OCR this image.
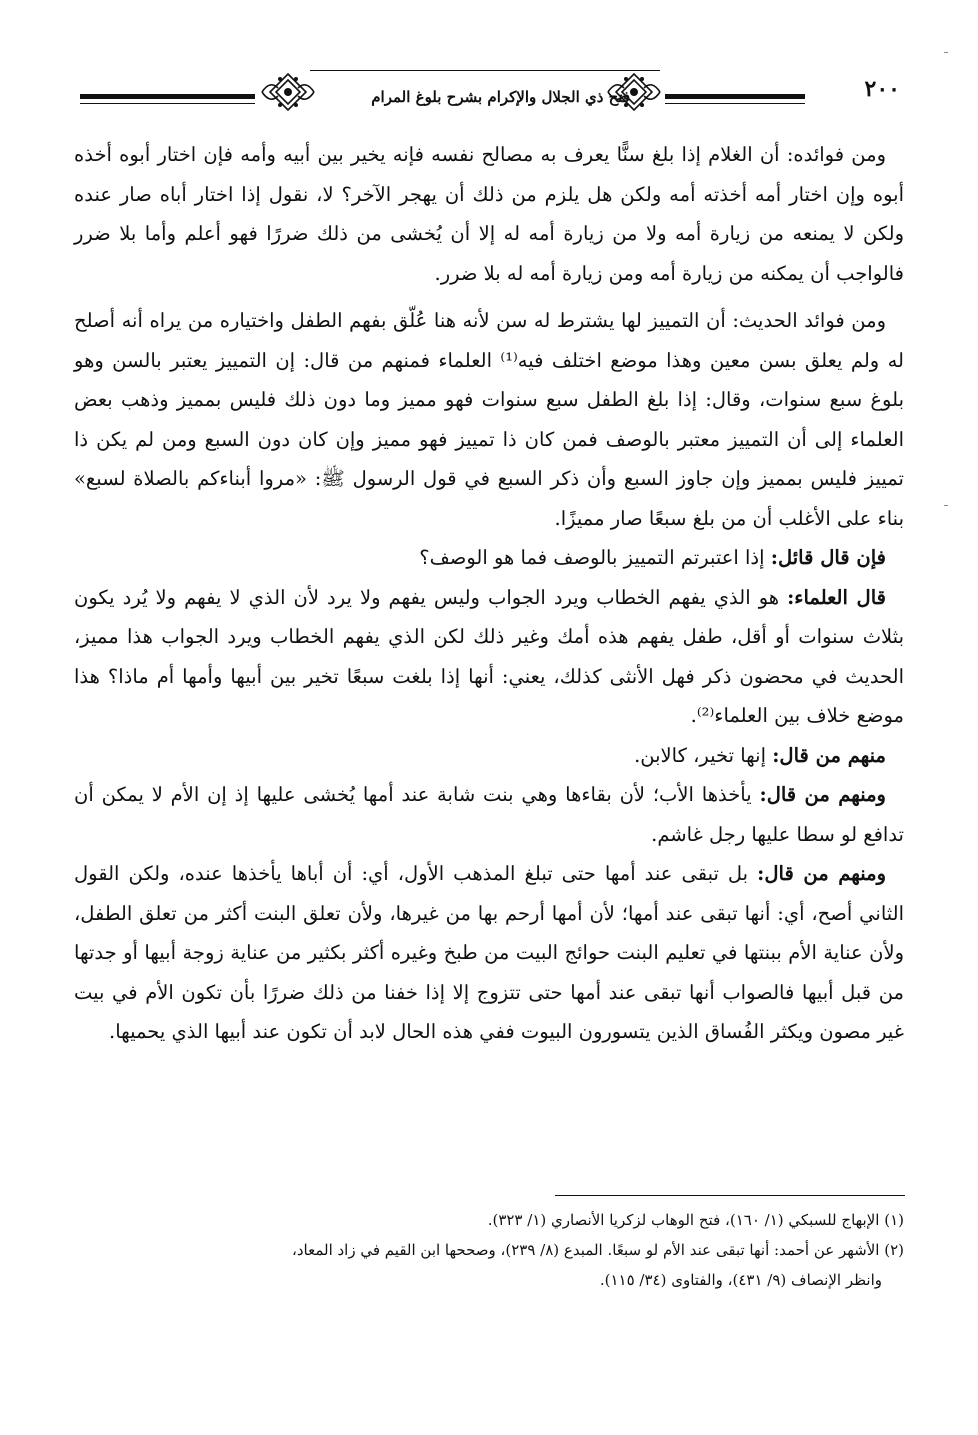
فتح ذي الجلال والإكرام بشرح بلوغ المرام	٢٠٠

ومن فوائده: أن الغلام إذا بلغ سنًّا يعرف به مصالح نفسه فإنه يخير بين أبيه وأمه فإن اختار أبوه أخذه أبوه وإن اختار أمه أخذته أمه ولكن هل يلزم من ذلك أن يهجر الآخر؟ لا، نقول إذا اختار أباه صار عنده ولكن لا يمنعه من زيارة أمه ولا من زيارة أمه له إلا أن يُخشى من ذلك ضررًا فهو أعلم وأما بلا ضرر فالواجب أن يمكنه من زيارة أمه ومن زيارة أمه له بلا ضرر.

ومن فوائد الحديث: أن التمييز لها يشترط له سن لأنه هنا عُلّق بفهم الطفل واختياره من يراه أنه أصلح له ولم يعلق بسن معين وهذا موضع اختلف فيه⁽¹⁾ العلماء فمنهم من قال: إن التمييز يعتبر بالسن وهو بلوغ سبع سنوات، وقال: إذا بلغ الطفل سبع سنوات فهو مميز وما دون ذلك فليس بمميز وذهب بعض العلماء إلى أن التمييز معتبر بالوصف فمن كان ذا تمييز فهو مميز وإن كان دون السبع ومن لم يكن ذا تمييز فليس بمميز وإن جاوز السبع وأن ذكر السبع في قول الرسول ﷺ: «مروا أبناءكم بالصلاة لسبع» بناء على الأغلب أن من بلغ سبعًا صار مميزًا.

فإن قال قائل: إذا اعتبرتم التمييز بالوصف فما هو الوصف؟

قال العلماء: هو الذي يفهم الخطاب ويرد الجواب وليس يفهم ولا يرد لأن الذي لا يفهم ولا يُرد يكون بثلاث سنوات أو أقل، طفل يفهم هذه أمك وغير ذلك لكن الذي يفهم الخطاب ويرد الجواب هذا مميز، الحديث في محضون ذكر فهل الأنثى كذلك، يعني: أنها إذا بلغت سبعًا تخير بين أبيها وأمها أم ماذا؟ هذا موضع خلاف بين العلماء⁽²⁾.

منهم من قال: إنها تخير، كالابن.

ومنهم من قال: يأخذها الأب؛ لأن بقاءها وهي بنت شابة عند أمها يُخشى عليها إذ إن الأم لا يمكن أن تدافع لو سطا عليها رجل غاشم.

ومنهم من قال: بل تبقى عند أمها حتى تبلغ المذهب الأول، أي: أن أباها يأخذها عنده، ولكن القول الثاني أصح، أي: أنها تبقى عند أمها؛ لأن أمها أرحم بها من غيرها، ولأن تعلق البنت أكثر من تعلق الطفل، ولأن عناية الأم ببنتها في تعليم البنت حوائج البيت من طبخ وغيره أكثر بكثير من عناية زوجة أبيها أو جدتها من قبل أبيها فالصواب أنها تبقى عند أمها حتى تتزوج إلا إذا خفنا من ذلك ضررًا بأن تكون الأم في بيت غير مصون ويكثر الفُساق الذين يتسورون البيوت ففي هذه الحال لابد أن تكون عند أبيها الذي يحميها.

(١) الإبهاج للسبكي (١/ ١٦٠)، فتح الوهاب لزكريا الأنصاري (١/ ٣٢٣).

(٢) الأشهر عن أحمد: أنها تبقى عند الأم لو سبعًا. المبدع (٨/ ٢٣٩)، وصححها ابن القيم في زاد المعاد،

وانظر الإنصاف (٩/ ٤٣١)، والفتاوى (٣٤/ ١١٥).
